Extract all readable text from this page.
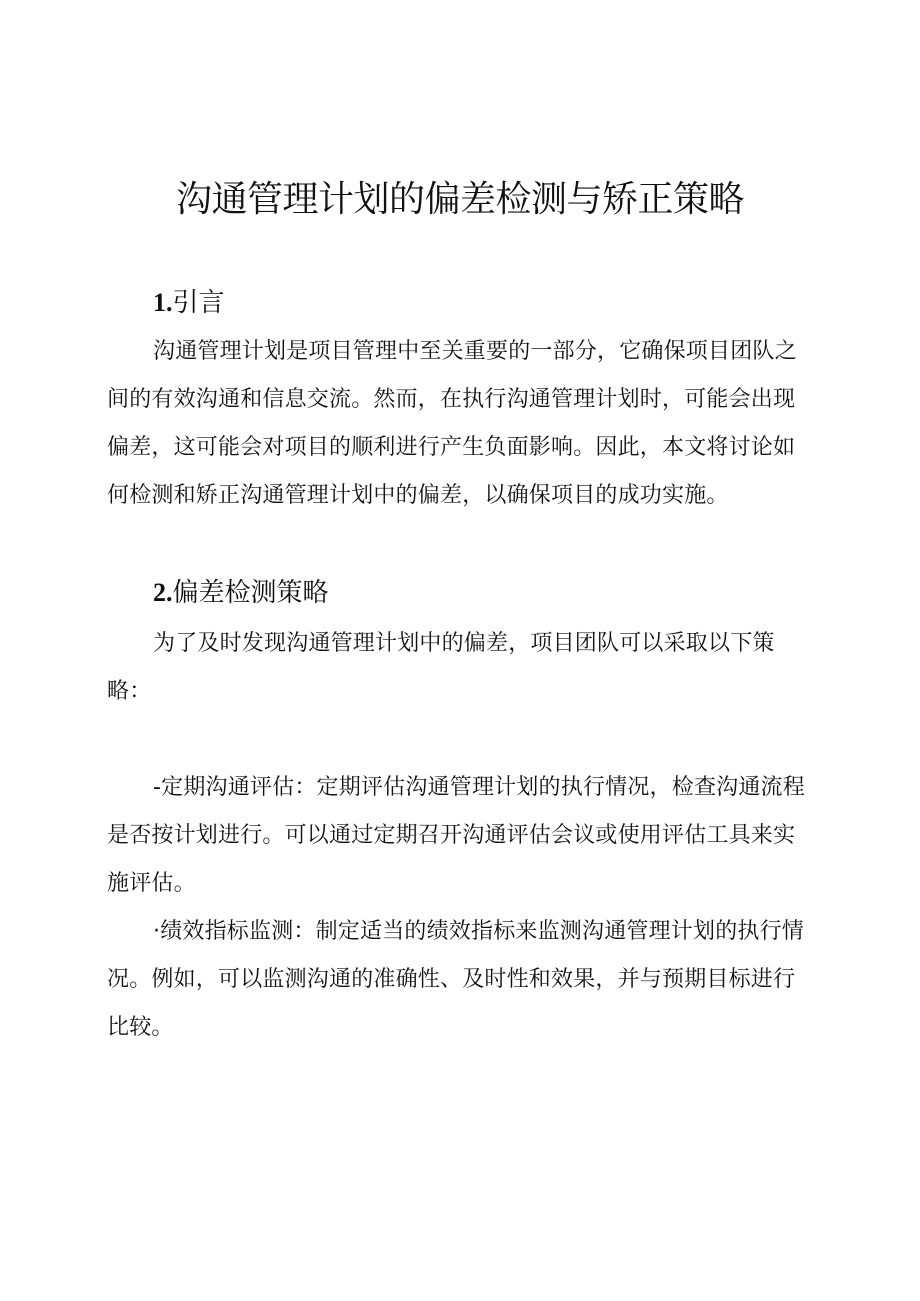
沟通管理计划的偏差检测与矫正策略
1.引言

沟通管理计划是项目管理中至关重要的一部分，它确保项目团队之间的有效沟通和信息交流。然而，在执行沟通管理计划时，可能会出现偏差，这可能会对项目的顺利进行产生负面影响。因此，本文将讨论如何检测和矫正沟通管理计划中的偏差，以确保项目的成功实施。

2.偏差检测策略

为了及时发现沟通管理计划中的偏差，项目团队可以采取以下策略：

-定期沟通评估：定期评估沟通管理计划的执行情况，检查沟通流程是否按计划进行。可以通过定期召开沟通评估会议或使用评估工具来实施评估。

·绩效指标监测：制定适当的绩效指标来监测沟通管理计划的执行情况。例如，可以监测沟通的准确性、及时性和效果，并与预期目标进行比较。
